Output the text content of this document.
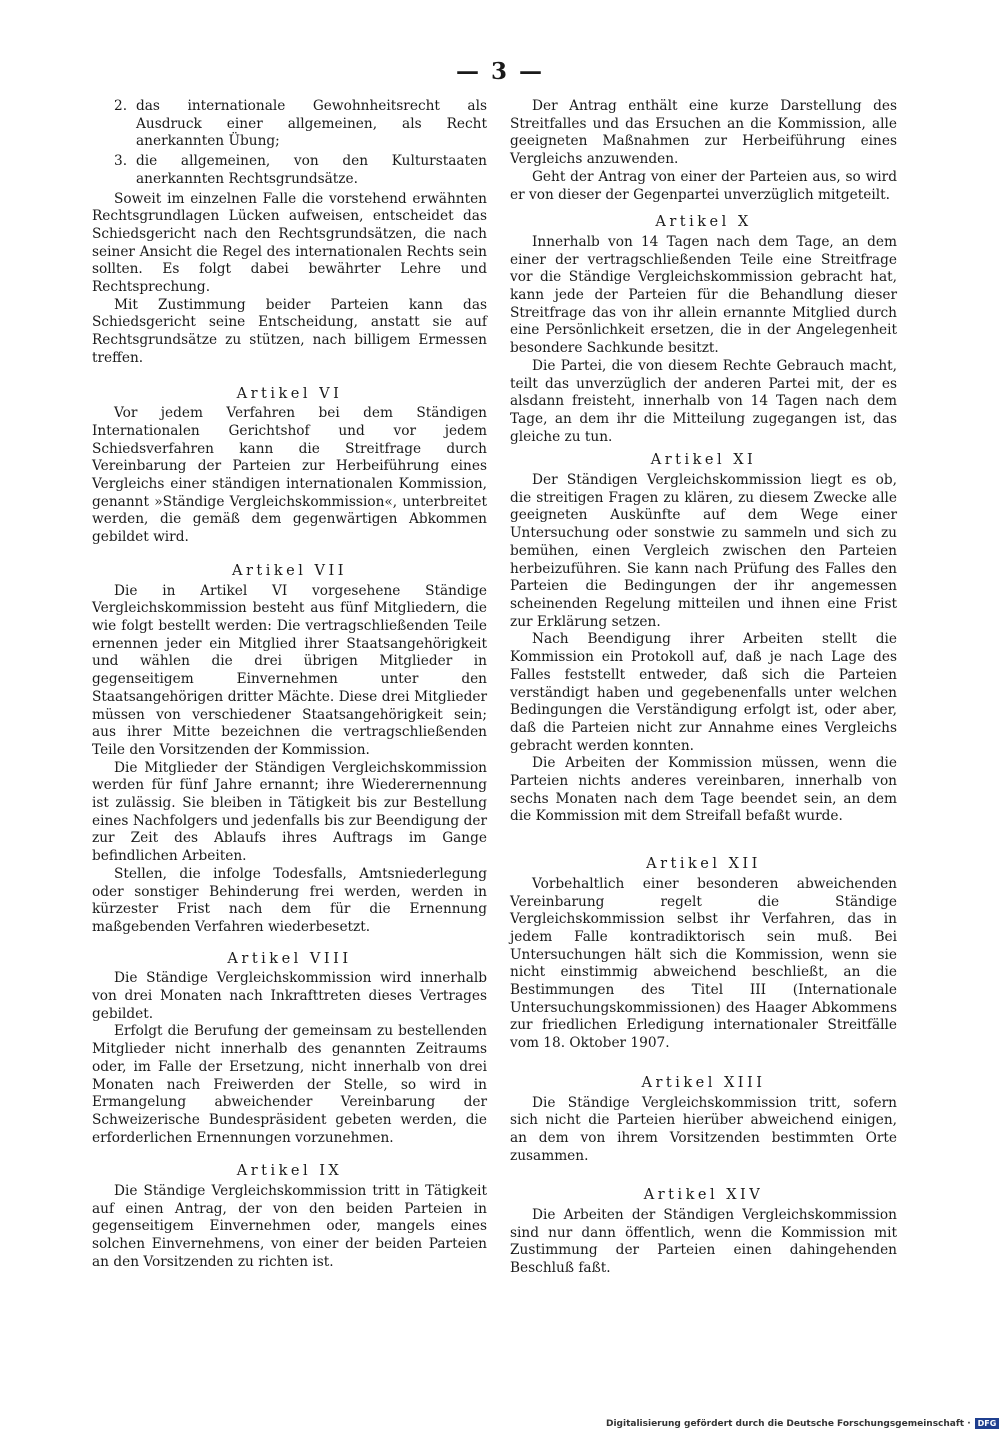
— 3 —
2. das internationale Gewohnheitsrecht als Ausdruck einer allgemeinen, als Recht anerkannten Übung;
3. die allgemeinen, von den Kulturstaaten anerkannten Rechtsgrundsätze.

Soweit im einzelnen Falle die vorstehend erwähnten Rechtsgrundlagen Lücken aufweisen, entscheidet das Schiedsgericht nach den Rechtsgrundsätzen, die nach seiner Ansicht die Regel des internationalen Rechts sein sollten. Es folgt dabei bewährter Lehre und Rechtsprechung.

Mit Zustimmung beider Parteien kann das Schiedsgericht seine Entscheidung, anstatt sie auf Rechtsgrundsätze zu stützen, nach billigem Ermessen treffen.

Artikel VI

Vor jedem Verfahren bei dem Ständigen Internationalen Gerichtshof und vor jedem Schiedsverfahren kann die Streitfrage durch Vereinbarung der Parteien zur Herbeiführung eines Vergleichs einer ständigen internationalen Kommission, genannt »Ständige Vergleichskommission«, unterbreitet werden, die gemäß dem gegenwärtigen Abkommen gebildet wird.

Artikel VII

Die in Artikel VI vorgesehene Ständige Vergleichskommission besteht aus fünf Mitgliedern, die wie folgt bestellt werden: Die vertragschließenden Teile ernennen jeder ein Mitglied ihrer Staatsangehörigkeit und wählen die drei übrigen Mitglieder in gegenseitigem Einvernehmen unter den Staatsangehörigen dritter Mächte. Diese drei Mitglieder müssen von verschiedener Staatsangehörigkeit sein; aus ihrer Mitte bezeichnen die vertragschließenden Teile den Vorsitzenden der Kommission.

Die Mitglieder der Ständigen Vergleichskommission werden für fünf Jahre ernannt; ihre Wiederernennung ist zulässig. Sie bleiben in Tätigkeit bis zur Bestellung eines Nachfolgers und jedenfalls bis zur Beendigung der zur Zeit des Ablaufs ihres Auftrags im Gange befindlichen Arbeiten.

Stellen, die infolge Todesfalls, Amtsniederlegung oder sonstiger Behinderung frei werden, werden in kürzester Frist nach dem für die Ernennung maßgebenden Verfahren wiederbesetzt.

Artikel VIII

Die Ständige Vergleichskommission wird innerhalb von drei Monaten nach Inkrafttreten dieses Vertrages gebildet.

Erfolgt die Berufung der gemeinsam zu bestellenden Mitglieder nicht innerhalb des genannten Zeitraums oder, im Falle der Ersetzung, nicht innerhalb von drei Monaten nach Freiwerden der Stelle, so wird in Ermangelung abweichender Vereinbarung der Schweizerische Bundespräsident gebeten werden, die erforderlichen Ernennungen vorzunehmen.

Artikel IX

Die Ständige Vergleichskommission tritt in Tätigkeit auf einen Antrag, der von den beiden Parteien in gegenseitigem Einvernehmen oder, mangels eines solchen Einvernehmens, von einer der beiden Parteien an den Vorsitzenden zu richten ist.

Der Antrag enthält eine kurze Darstellung des Streitfalles und das Ersuchen an die Kommission, alle geeigneten Maßnahmen zur Herbeiführung eines Vergleichs anzuwenden.

Geht der Antrag von einer der Parteien aus, so wird er von dieser der Gegenpartei unverzüglich mitgeteilt.

Artikel X

Innerhalb von 14 Tagen nach dem Tage, an dem einer der vertragschließenden Teile eine Streitfrage vor die Ständige Vergleichskommission gebracht hat, kann jede der Parteien für die Behandlung dieser Streitfrage das von ihr allein ernannte Mitglied durch eine Persönlichkeit ersetzen, die in der Angelegenheit besondere Sachkunde besitzt.

Die Partei, die von diesem Rechte Gebrauch macht, teilt das unverzüglich der anderen Partei mit, der es alsdann freisteht, innerhalb von 14 Tagen nach dem Tage, an dem ihr die Mitteilung zugegangen ist, das gleiche zu tun.

Artikel XI

Der Ständigen Vergleichskommission liegt es ob, die streitigen Fragen zu klären, zu diesem Zwecke alle geeigneten Auskünfte auf dem Wege einer Untersuchung oder sonstwie zu sammeln und sich zu bemühen, einen Vergleich zwischen den Parteien herbeizuführen. Sie kann nach Prüfung des Falles den Parteien die Bedingungen der ihr angemessen scheinenden Regelung mitteilen und ihnen eine Frist zur Erklärung setzen.

Nach Beendigung ihrer Arbeiten stellt die Kommission ein Protokoll auf, daß je nach Lage des Falles feststellt entweder, daß sich die Parteien verständigt haben und gegebenenfalls unter welchen Bedingungen die Verständigung erfolgt ist, oder aber, daß die Parteien nicht zur Annahme eines Vergleichs gebracht werden konnten.

Die Arbeiten der Kommission müssen, wenn die Parteien nichts anderes vereinbaren, innerhalb von sechs Monaten nach dem Tage beendet sein, an dem die Kommission mit dem Streifall befaßt wurde.

Artikel XII

Vorbehaltlich einer besonderen abweichenden Vereinbarung regelt die Ständige Vergleichskommission selbst ihr Verfahren, das in jedem Falle kontradiktorisch sein muß. Bei Untersuchungen hält sich die Kommission, wenn sie nicht einstimmig abweichend beschließt, an die Bestimmungen des Titel III (Internationale Untersuchungskommissionen) des Haager Abkommens zur friedlichen Erledigung internationaler Streitfälle vom 18. Oktober 1907.

Artikel XIII

Die Ständige Vergleichskommission tritt, sofern sich nicht die Parteien hierüber abweichend einigen, an dem von ihrem Vorsitzenden bestimmten Orte zusammen.

Artikel XIV

Die Arbeiten der Ständigen Vergleichskommission sind nur dann öffentlich, wenn die Kommission mit Zustimmung der Parteien einen dahingehenden Beschluß faßt.

Digitalisierung gefördert durch die Deutsche Forschungsgemeinschaft · DFG
